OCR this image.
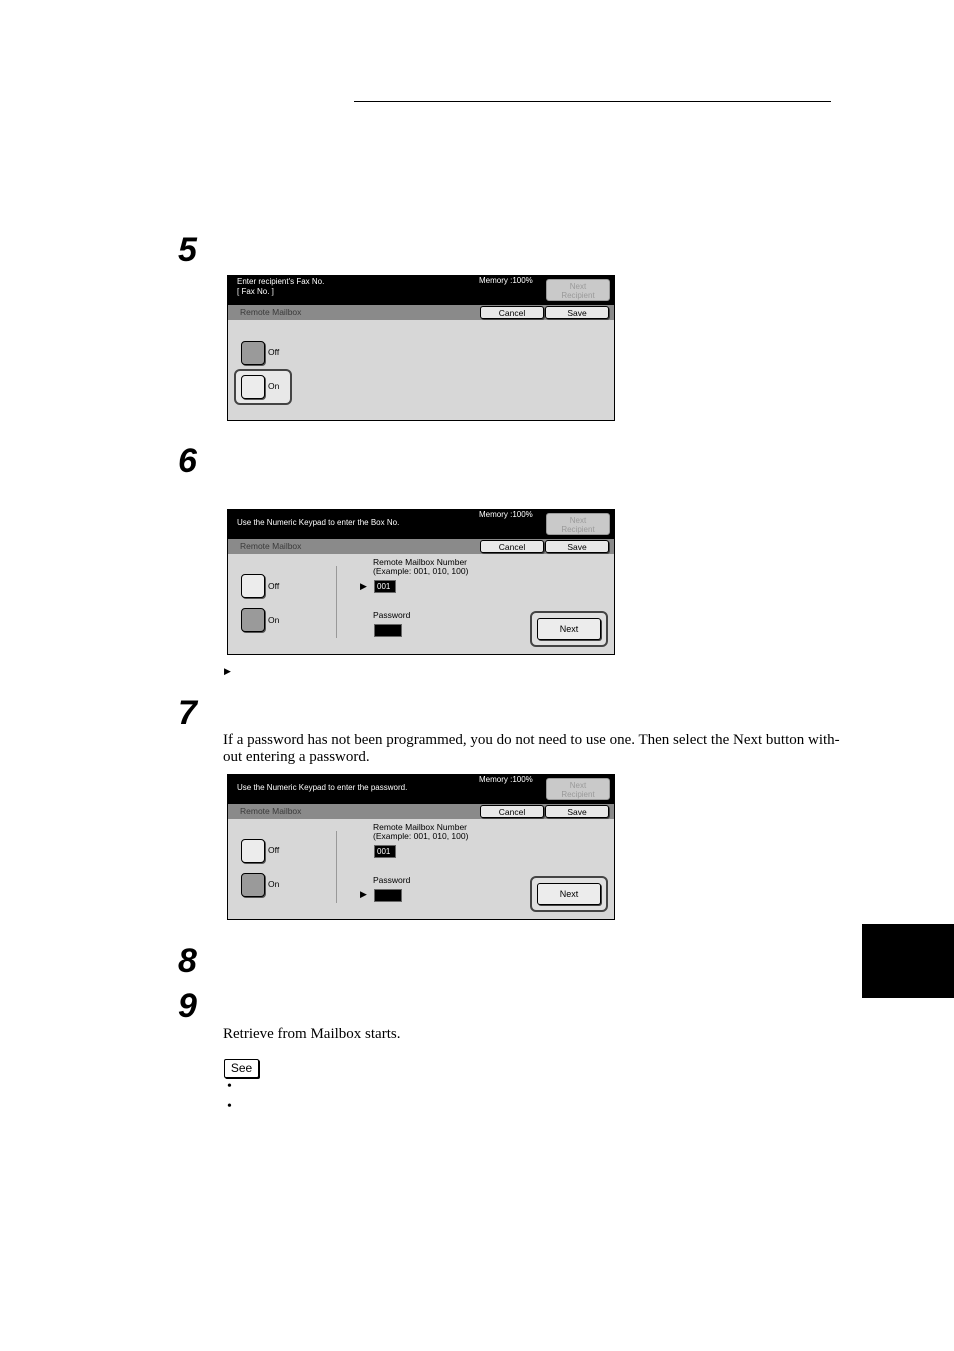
5
Enter recipient's Fax No.
[ Fax No. ]
Memory :100%
Next
Recipient
Remote Mailbox	Cancel	Save
Off
On
6
Use the Numeric Keypad to enter the Box No.
Memory :100%
Next
Recipient
Remote Mailbox	Cancel	Save
Off
On
Remote Mailbox Number
(Example: 001, 010, 100)
▶	001
Password
Next
▶
7
If a password has not been programmed, you do not need to use one. Then select the Next button with-
out entering a password.
Use the Numeric Keypad to enter the password.
Memory :100%
Next
Recipient
Remote Mailbox	Cancel	Save
Off
On
Remote Mailbox Number
(Example: 001, 010, 100)
001
Password
▶	Next
8
9
Retrieve from Mailbox starts.
See
•
•
